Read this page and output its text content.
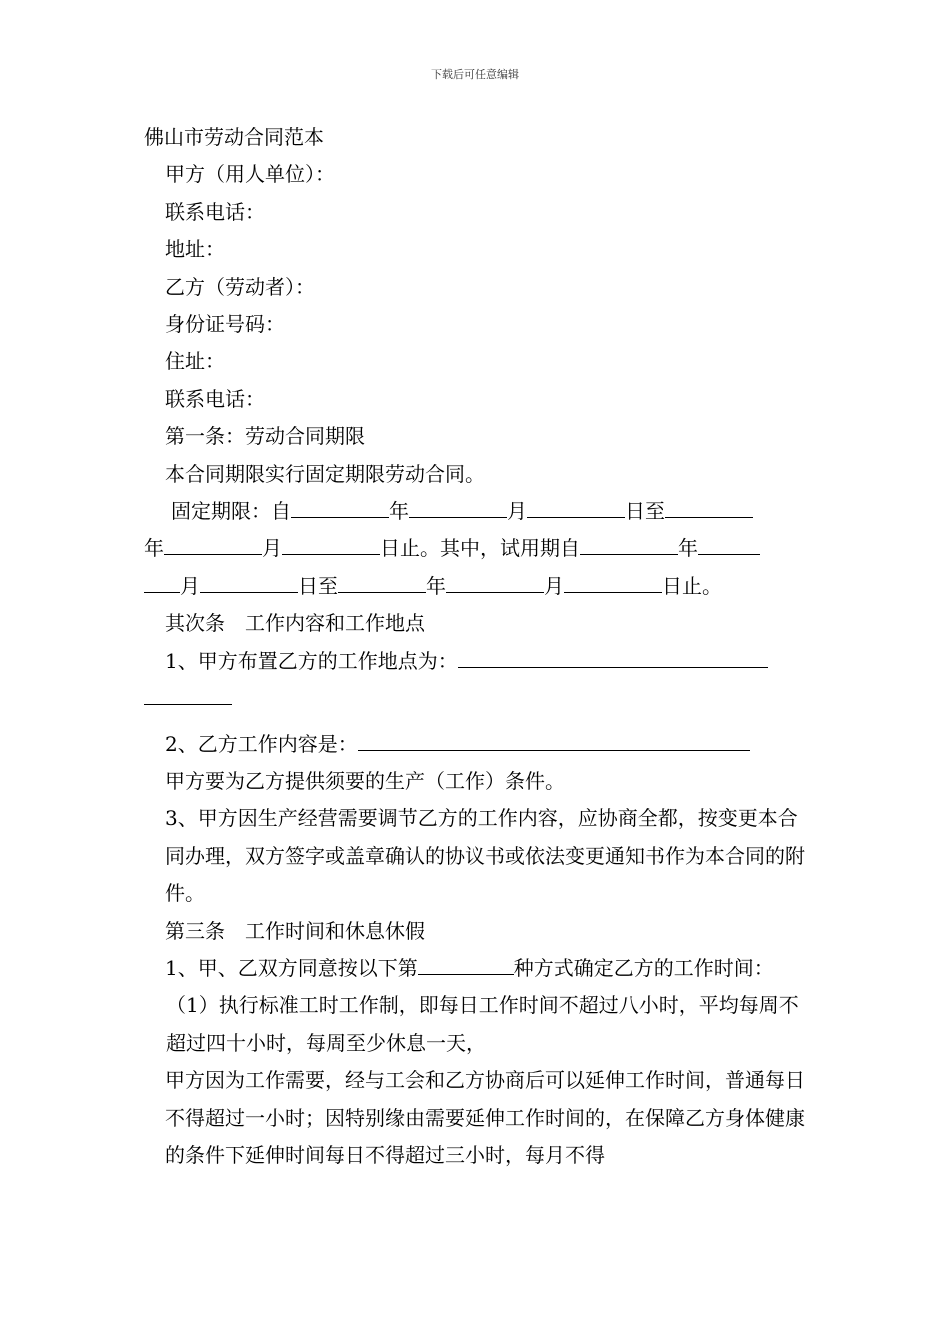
下载后可任意编辑

佛山市劳动合同范本

甲方（用人单位）：

联系电话：

地址：

乙方（劳动者）：

身份证号码：

住址：

联系电话：

第一条：劳动合同期限

本合同期限实行固定期限劳动合同。

固定期限：自	年	月	日至

年	月	日止。其中，试用期自	年

月	日至	年	月	日止。

其次条　工作内容和工作地点

1、甲方布置乙方的工作地点为：

2、乙方工作内容是：

甲方要为乙方提供须要的生产（工作）条件。

3、甲方因生产经营需要调节乙方的工作内容，应协商全都，按变更本合同办理，双方签字或盖章确认的协议书或依法变更通知书作为本合同的附件。

第三条　工作时间和休息休假

1、甲、乙双方同意按以下第	种方式确定乙方的工作时间：

（1）执行标准工时工作制，即每日工作时间不超过八小时，平均每周不超过四十小时，每周至少休息一天，

甲方因为工作需要，经与工会和乙方协商后可以延伸工作时间，普通每日不得超过一小时；因特别缘由需要延伸工作时间的，在保障乙方身体健康的条件下延伸时间每日不得超过三小时，每月不得
